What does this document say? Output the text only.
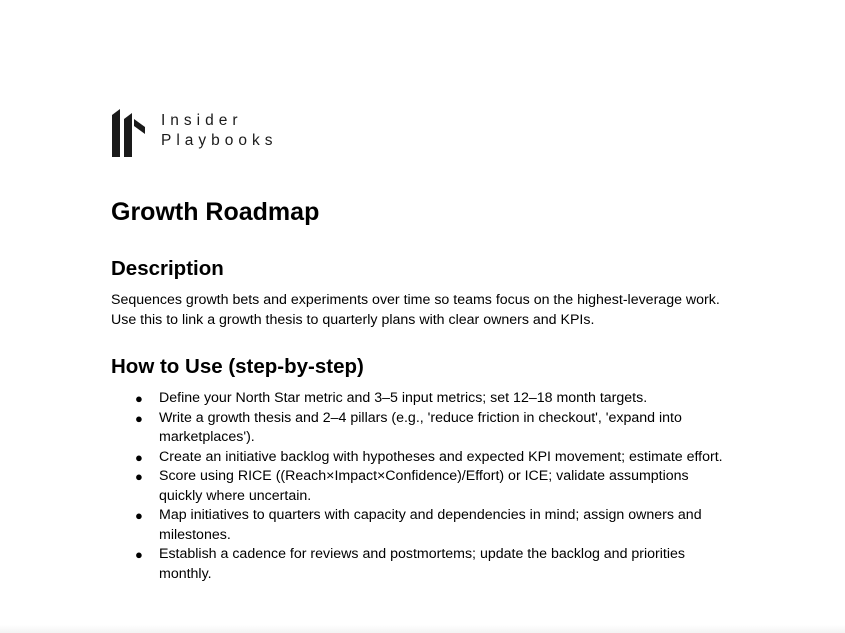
Insider
Playbooks
Growth Roadmap
Description

Sequences growth bets and experiments over time so teams focus on the highest-leverage work. Use this to link a growth thesis to quarterly plans with clear owners and KPIs.

How to Use (step-by-step)
● Define your North Star metric and 3–5 input metrics; set 12–18 month targets.
● Write a growth thesis and 2–4 pillars (e.g., 'reduce friction in checkout', 'expand into marketplaces').
● Create an initiative backlog with hypotheses and expected KPI movement; estimate effort.
● Score using RICE ((Reach×Impact×Confidence)/Effort) or ICE; validate assumptions quickly where uncertain.
● Map initiatives to quarters with capacity and dependencies in mind; assign owners and milestones.
● Establish a cadence for reviews and postmortems; update the backlog and priorities monthly.
